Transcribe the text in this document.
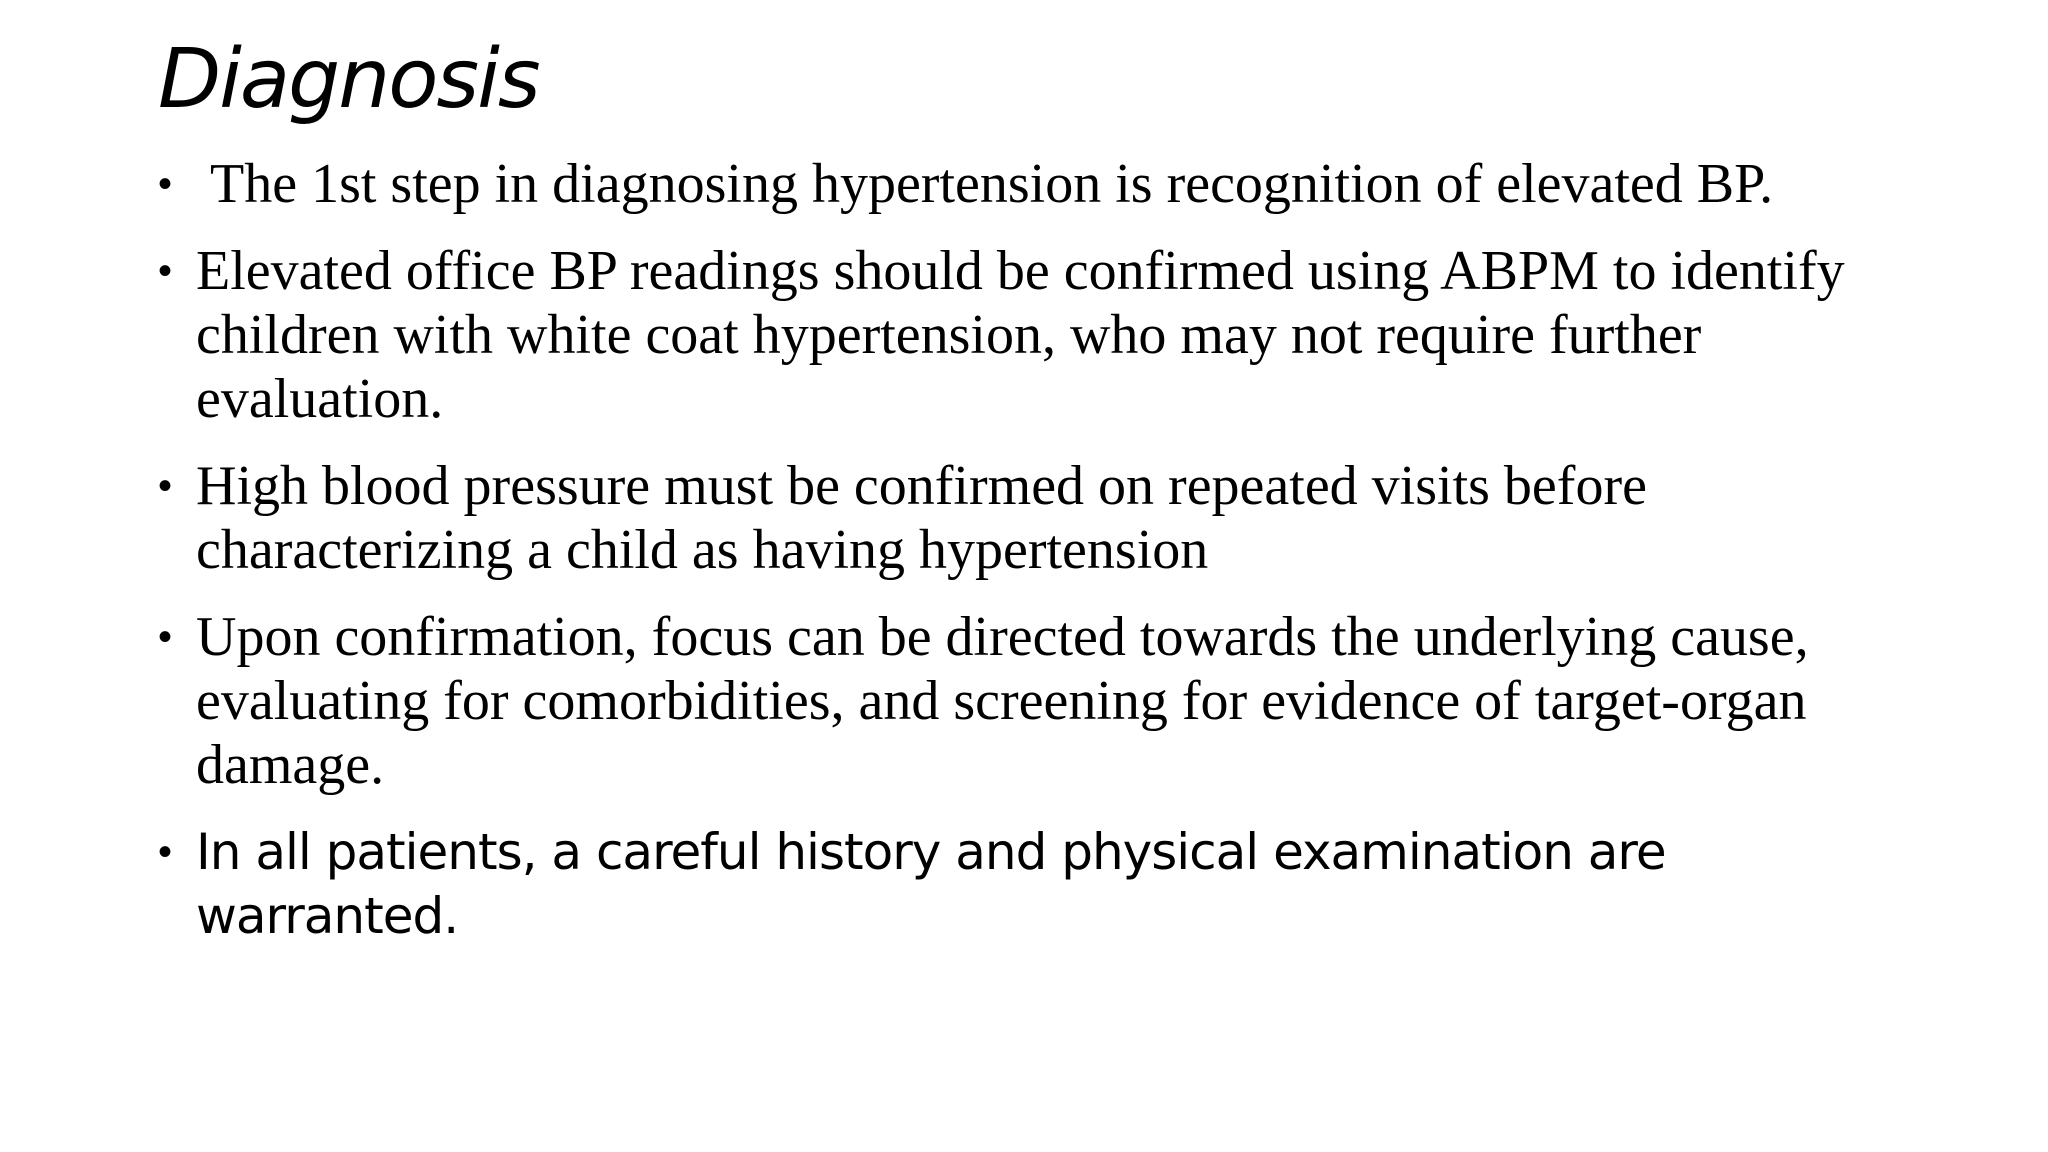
Diagnosis
• The 1st step in diagnosing hypertension is recognition of elevated BP.
• Elevated office BP readings should be confirmed using ABPM to identify children with white coat hypertension, who may not require further evaluation.
• High blood pressure must be confirmed on repeated visits before characterizing a child as having hypertension
• Upon confirmation, focus can be directed towards the underlying cause, evaluating for comorbidities, and screening for evidence of target-organ damage.
• In all patients, a careful history and physical examination are warranted.
